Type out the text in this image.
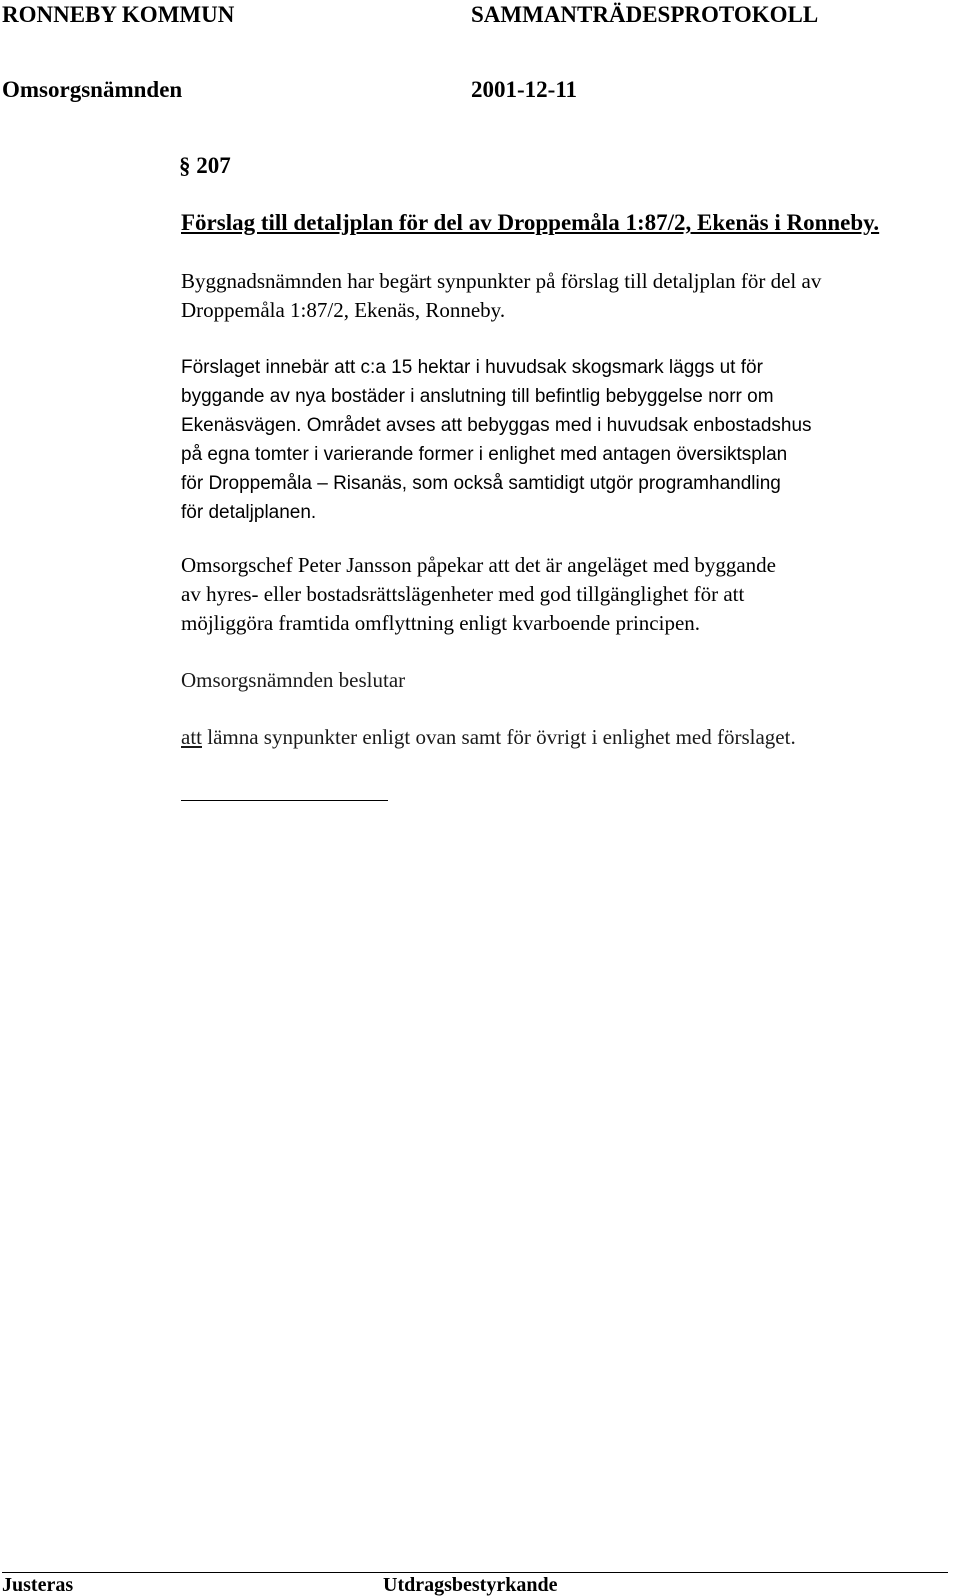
RONNEBY KOMMUN	SAMMANTRÄDESPROTOKOLL
Omsorgsnämnden	2001-12-11
§ 207
Förslag till detaljplan för del av Droppemåla 1:87/2, Ekenäs i Ronneby.
Byggnadsnämnden har begärt synpunkter på förslag till detaljplan för del av
Droppemåla 1:87/2, Ekenäs, Ronneby.
Förslaget innebär att c:a 15 hektar i huvudsak skogsmark läggs ut för
byggande av nya bostäder i anslutning till befintlig bebyggelse norr om
Ekenäsvägen. Området avses att bebyggas med i huvudsak enbostadshus
på egna tomter i varierande former i enlighet med antagen översiktsplan
för Droppemåla – Risanäs, som också samtidigt utgör programhandling
för detaljplanen.
Omsorgschef Peter Jansson påpekar att det är angeläget med byggande
av hyres- eller bostadsrättslägenheter med god tillgänglighet för att
möjliggöra framtida omflyttning enligt kvarboende principen.
Omsorgsnämnden beslutar
att lämna synpunkter enligt ovan samt för övrigt i enlighet med förslaget.
Justeras	Utdragsbestyrkande
